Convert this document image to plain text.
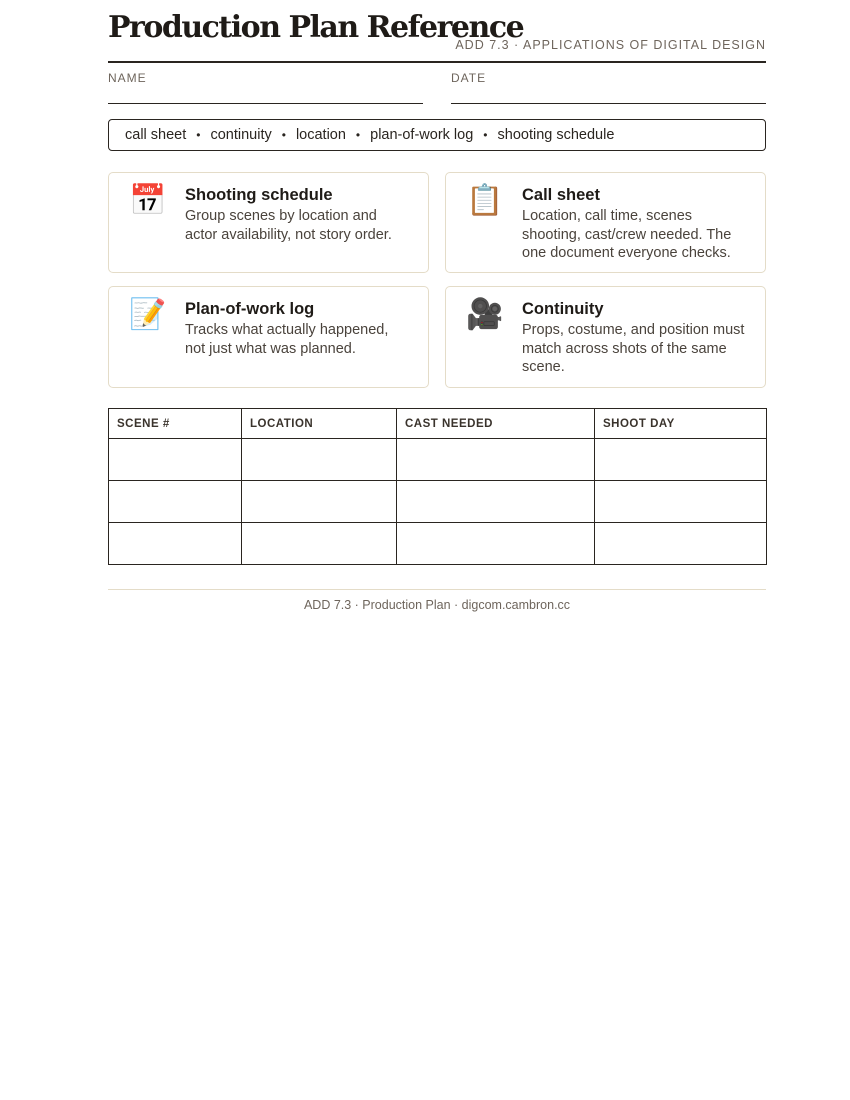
Production Plan Reference
ADD 7.3 · APPLICATIONS OF DIGITAL DESIGN
NAME	DATE
call sheet • continuity • location • plan-of-work log • shooting schedule
📅	Shooting schedule

Group scenes by location and actor availability, not story order.

📋	Call sheet

Location, call time, scenes shooting, cast/crew needed. The one document everyone checks.

📝	Plan-of-work log

Tracks what actually happened, not just what was planned.

🎥	Continuity

Props, costume, and position must match across shots of the same scene.

SCENE #	LOCATION	CAST NEEDED	SHOOT DAY

ADD 7.3 · Production Plan · digcom.cambron.cc
